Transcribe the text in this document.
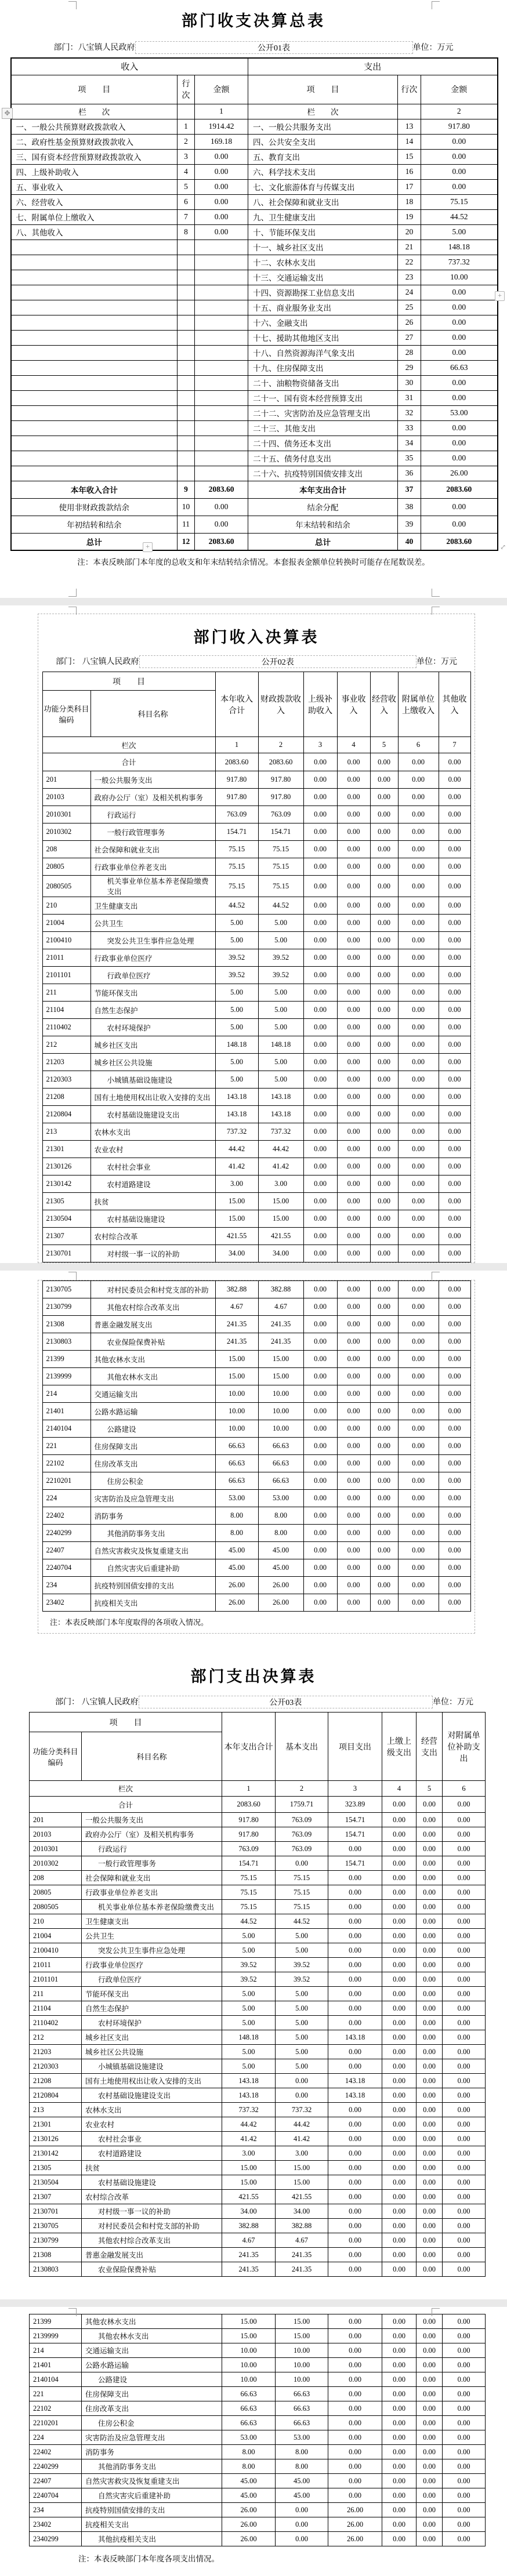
✥
+
+	⤢
部门收支决算总表
部门：八宝镇人民政府	公开01表	单位：万元
收入			支出		
项　　目	行次	金额	项　　目	行次	金额
栏　　次		1	栏　　次		2
一、一般公共预算财政拨款收入	1	1914.42	一、一般公共服务支出	13	917.80
二、政府性基金预算财政拨款收入	2	169.18	四、公共安全支出	14	0.00
三、国有资本经营预算财政拨款收入	3	0.00	五、教育支出	15	0.00
四、上级补助收入	4	0.00	六、科学技术支出	16	0.00
五、事业收入	5	0.00	七、文化旅游体育与传媒支出	17	0.00
六、经营收入	6	0.00	八、社会保障和就业支出	18	75.15
七、附属单位上缴收入	7	0.00	九、卫生健康支出	19	44.52
八、其他收入	8	0.00	十、节能环保支出	20	5.00
			十一、城乡社区支出	21	148.18
			十二、农林水支出	22	737.32
			十三、交通运输支出	23	10.00
			十四、资源勘探工业信息支出	24	0.00
			十五、商业服务业支出	25	0.00
			十六、金融支出	26	0.00
			十七、援助其他地区支出	27	0.00
			十八、自然资源海洋气象支出	28	0.00
			十九、住房保障支出	29	66.63
			二十、油粮物资储备支出	30	0.00
			二十一、国有资本经营预算支出	31	0.00
			二十二、灾害防治及应急管理支出	32	53.00
			二十三、其他支出	33	0.00
			二十四、债务还本支出	34	0.00
			二十五、债务付息支出	35	0.00
			二十六、抗疫特别国债安排支出	36	26.00
本年收入合计	9	2083.60	本年支出合计	37	2083.60
使用非财政拨款结余	10	0.00	结余分配	38	0.00
年初结转和结余	11	0.00	年末结转和结余	39	0.00
总计	12	2083.60	总计	40	2083.60
注：本表反映部门本年度的总收支和年末结转结余情况。本套报表金额单位转换时可能存在尾数误差。
部门收入决算表
部门： 八宝镇人民政府	公开02表	单位：万元
项　　目		本年收入合计	财政拨款收入	上级补助收入	事业收入	经营收入	附属单位上缴收入	其他收入
功能分类科目编码	科目名称							
栏次		1	2	3	4	5	6	7
合计		2083.60	2083.60	0.00	0.00	0.00	0.00	0.00
201	一般公共服务支出	917.80	917.80	0.00	0.00	0.00	0.00	0.00
20103	政府办公厅（室）及相关机构事务	917.80	917.80	0.00	0.00	0.00	0.00	0.00
2010301	行政运行	763.09	763.09	0.00	0.00	0.00	0.00	0.00
2010302	一般行政管理事务	154.71	154.71	0.00	0.00	0.00	0.00	0.00
208	社会保障和就业支出	75.15	75.15	0.00	0.00	0.00	0.00	0.00
20805	行政事业单位养老支出	75.15	75.15	0.00	0.00	0.00	0.00	0.00
2080505	机关事业单位基本养老保险缴费支出	75.15	75.15	0.00	0.00	0.00	0.00	0.00
210	卫生健康支出	44.52	44.52	0.00	0.00	0.00	0.00	0.00
21004	公共卫生	5.00	5.00	0.00	0.00	0.00	0.00	0.00
2100410	突发公共卫生事件应急处理	5.00	5.00	0.00	0.00	0.00	0.00	0.00
21011	行政事业单位医疗	39.52	39.52	0.00	0.00	0.00	0.00	0.00
2101101	行政单位医疗	39.52	39.52	0.00	0.00	0.00	0.00	0.00
211	节能环保支出	5.00	5.00	0.00	0.00	0.00	0.00	0.00
21104	自然生态保护	5.00	5.00	0.00	0.00	0.00	0.00	0.00
2110402	农村环境保护	5.00	5.00	0.00	0.00	0.00	0.00	0.00
212	城乡社区支出	148.18	148.18	0.00	0.00	0.00	0.00	0.00
21203	城乡社区公共设施	5.00	5.00	0.00	0.00	0.00	0.00	0.00
2120303	小城镇基础设施建设	5.00	5.00	0.00	0.00	0.00	0.00	0.00
21208	国有土地使用权出让收入安排的支出	143.18	143.18	0.00	0.00	0.00	0.00	0.00
2120804	农村基础设施建设支出	143.18	143.18	0.00	0.00	0.00	0.00	0.00
213	农林水支出	737.32	737.32	0.00	0.00	0.00	0.00	0.00
21301	农业农村	44.42	44.42	0.00	0.00	0.00	0.00	0.00
2130126	农村社会事业	41.42	41.42	0.00	0.00	0.00	0.00	0.00
2130142	农村道路建设	3.00	3.00	0.00	0.00	0.00	0.00	0.00
21305	扶贫	15.00	15.00	0.00	0.00	0.00	0.00	0.00
2130504	农村基础设施建设	15.00	15.00	0.00	0.00	0.00	0.00	0.00
21307	农村综合改革	421.55	421.55	0.00	0.00	0.00	0.00	0.00
2130701	对村级一事一议的补助	34.00	34.00	0.00	0.00	0.00	0.00	0.00
2130705	对村民委员会和村党支部的补助	382.88	382.88	0.00	0.00	0.00	0.00	0.00
2130799	其他农村综合改革支出	4.67	4.67	0.00	0.00	0.00	0.00	0.00
21308	普惠金融发展支出	241.35	241.35	0.00	0.00	0.00	0.00	0.00
2130803	农业保险保费补贴	241.35	241.35	0.00	0.00	0.00	0.00	0.00
21399	其他农林水支出	15.00	15.00	0.00	0.00	0.00	0.00	0.00
2139999	其他农林水支出	15.00	15.00	0.00	0.00	0.00	0.00	0.00
214	交通运输支出	10.00	10.00	0.00	0.00	0.00	0.00	0.00
21401	公路水路运输	10.00	10.00	0.00	0.00	0.00	0.00	0.00
2140104	公路建设	10.00	10.00	0.00	0.00	0.00	0.00	0.00
221	住房保障支出	66.63	66.63	0.00	0.00	0.00	0.00	0.00
22102	住房改革支出	66.63	66.63	0.00	0.00	0.00	0.00	0.00
2210201	住房公积金	66.63	66.63	0.00	0.00	0.00	0.00	0.00
224	灾害防治及应急管理支出	53.00	53.00	0.00	0.00	0.00	0.00	0.00
22402	消防事务	8.00	8.00	0.00	0.00	0.00	0.00	0.00
2240299	其他消防事务支出	8.00	8.00	0.00	0.00	0.00	0.00	0.00
22407	自然灾害救灾及恢复重建支出	45.00	45.00	0.00	0.00	0.00	0.00	0.00
2240704	自然灾害灾后重建补助	45.00	45.00	0.00	0.00	0.00	0.00	0.00
234	抗疫特别国债安排的支出	26.00	26.00	0.00	0.00	0.00	0.00	0.00
23402	抗疫相关支出	26.00	26.00	0.00	0.00	0.00	0.00	0.00
注：本表反映部门本年度取得的各项收入情况。
部门支出决算表
部门： 八宝镇人民政府	公开03表	单位：万元
项　　目		本年支出合计	基本支出	项目支出	上缴上级支出	经营支出	对附属单位补助支出
功能分类科目编码	科目名称						
栏次		1	2	3	4	5	6
合计		2083.60	1759.71	323.89	0.00	0.00	0.00
201	一般公共服务支出	917.80	763.09	154.71	0.00	0.00	0.00
20103	政府办公厅（室）及相关机构事务	917.80	763.09	154.71	0.00	0.00	0.00
2010301	行政运行	763.09	763.09	0.00	0.00	0.00	0.00
2010302	一般行政管理事务	154.71	0.00	154.71	0.00	0.00	0.00
208	社会保障和就业支出	75.15	75.15	0.00	0.00	0.00	0.00
20805	行政事业单位养老支出	75.15	75.15	0.00	0.00	0.00	0.00
2080505	机关事业单位基本养老保险缴费支出	75.15	75.15	0.00	0.00	0.00	0.00
210	卫生健康支出	44.52	44.52	0.00	0.00	0.00	0.00
21004	公共卫生	5.00	5.00	0.00	0.00	0.00	0.00
2100410	突发公共卫生事件应急处理	5.00	5.00	0.00	0.00	0.00	0.00
21011	行政事业单位医疗	39.52	39.52	0.00	0.00	0.00	0.00
2101101	行政单位医疗	39.52	39.52	0.00	0.00	0.00	0.00
211	节能环保支出	5.00	5.00	0.00	0.00	0.00	0.00
21104	自然生态保护	5.00	5.00	0.00	0.00	0.00	0.00
2110402	农村环境保护	5.00	5.00	0.00	0.00	0.00	0.00
212	城乡社区支出	148.18	5.00	143.18	0.00	0.00	0.00
21203	城乡社区公共设施	5.00	5.00	0.00	0.00	0.00	0.00
2120303	小城镇基础设施建设	5.00	5.00	0.00	0.00	0.00	0.00
21208	国有土地使用权出让收入安排的支出	143.18	0.00	143.18	0.00	0.00	0.00
2120804	农村基础设施建设支出	143.18	0.00	143.18	0.00	0.00	0.00
213	农林水支出	737.32	737.32	0.00	0.00	0.00	0.00
21301	农业农村	44.42	44.42	0.00	0.00	0.00	0.00
2130126	农村社会事业	41.42	41.42	0.00	0.00	0.00	0.00
2130142	农村道路建设	3.00	3.00	0.00	0.00	0.00	0.00
21305	扶贫	15.00	15.00	0.00	0.00	0.00	0.00
2130504	农村基础设施建设	15.00	15.00	0.00	0.00	0.00	0.00
21307	农村综合改革	421.55	421.55	0.00	0.00	0.00	0.00
2130701	对村级一事一议的补助	34.00	34.00	0.00	0.00	0.00	0.00
2130705	对村民委员会和村党支部的补助	382.88	382.88	0.00	0.00	0.00	0.00
2130799	其他农村综合改革支出	4.67	4.67	0.00	0.00	0.00	0.00
21308	普惠金融发展支出	241.35	241.35	0.00	0.00	0.00	0.00
2130803	农业保险保费补贴	241.35	241.35	0.00	0.00	0.00	0.00
21399	其他农林水支出	15.00	15.00	0.00	0.00	0.00	0.00
2139999	其他农林水支出	15.00	15.00	0.00	0.00	0.00	0.00
214	交通运输支出	10.00	10.00	0.00	0.00	0.00	0.00
21401	公路水路运输	10.00	10.00	0.00	0.00	0.00	0.00
2140104	公路建设	10.00	10.00	0.00	0.00	0.00	0.00
221	住房保障支出	66.63	66.63	0.00	0.00	0.00	0.00
22102	住房改革支出	66.63	66.63	0.00	0.00	0.00	0.00
2210201	住房公积金	66.63	66.63	0.00	0.00	0.00	0.00
224	灾害防治及应急管理支出	53.00	53.00	0.00	0.00	0.00	0.00
22402	消防事务	8.00	8.00	0.00	0.00	0.00	0.00
2240299	其他消防事务支出	8.00	8.00	0.00	0.00	0.00	0.00
22407	自然灾害救灾及恢复重建支出	45.00	45.00	0.00	0.00	0.00	0.00
2240704	自然灾害灾后重建补助	45.00	45.00	0.00	0.00	0.00	0.00
234	抗疫特别国债安排的支出	26.00	0.00	26.00	0.00	0.00	0.00
23402	抗疫相关支出	26.00	0.00	26.00	0.00	0.00	0.00
2340299	其他抗疫相关支出	26.00	0.00	26.00	0.00	0.00	0.00
注：本表反映部门本年度各项支出情况。
